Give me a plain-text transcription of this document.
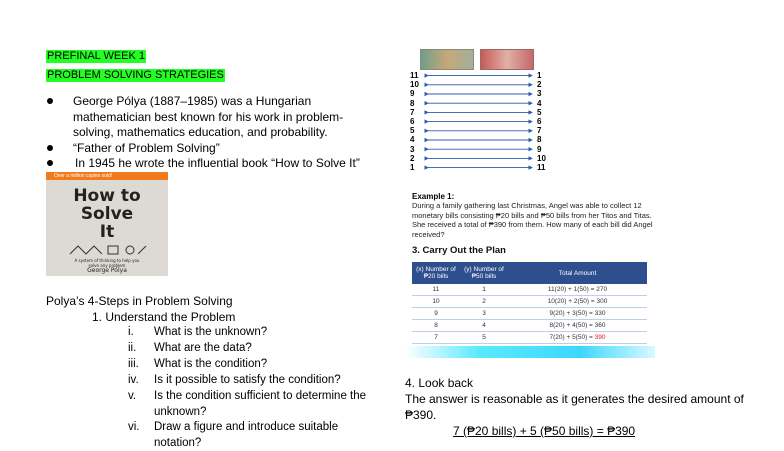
PREFINAL WEEK 1
PROBLEM SOLVING STRATEGIES
George Pólya (1887–1985) was a Hungarian mathematician best known for his work in problem-solving, mathematics education, and probability.
“Father of Problem Solving”
In 1945 he wrote the influential book “How to Solve It”
Over a million copies sold!
How to
Solve
It
A system of thinking to help you solve any problem
George Pólya
Polya’s 4-Steps in Problem Solving
1. Understand the Problem
i. What is the unknown?
ii. What are the data?
iii. What is the condition?
iv. Is it possible to satisfy the condition?
v. Is the condition sufficient to determine the unknown?
vi. Draw a figure and introduce suitable notation?
11
10
9
8
7
6
5
4
3
2
1
1
2
3
4
5
6
7
8
9
10
11
Example 1:
During a family gathering last Christmas, Angel was able to collect 12 monetary bills consisting ₱20 bills and ₱50 bills from her Titos and Titas. She received a total of ₱390 from them. How many of each bill did Angel received?
3. Carry Out the Plan
(x) Number of ₱20 bills	(y) Number of ₱50 bills	Total Amount
11	1	11(20) + 1(50) = 270
10	2	10(20) + 2(50) = 300
9	3	9(20) + 3(50) = 330
8	4	8(20) + 4(50) = 360
7	5	7(20) + 5(50) = 390
4. Look back
The answer is reasonable as it generates the desired amount of ₱390.
7 (₱20 bills) + 5 (₱50 bills) = ₱390
